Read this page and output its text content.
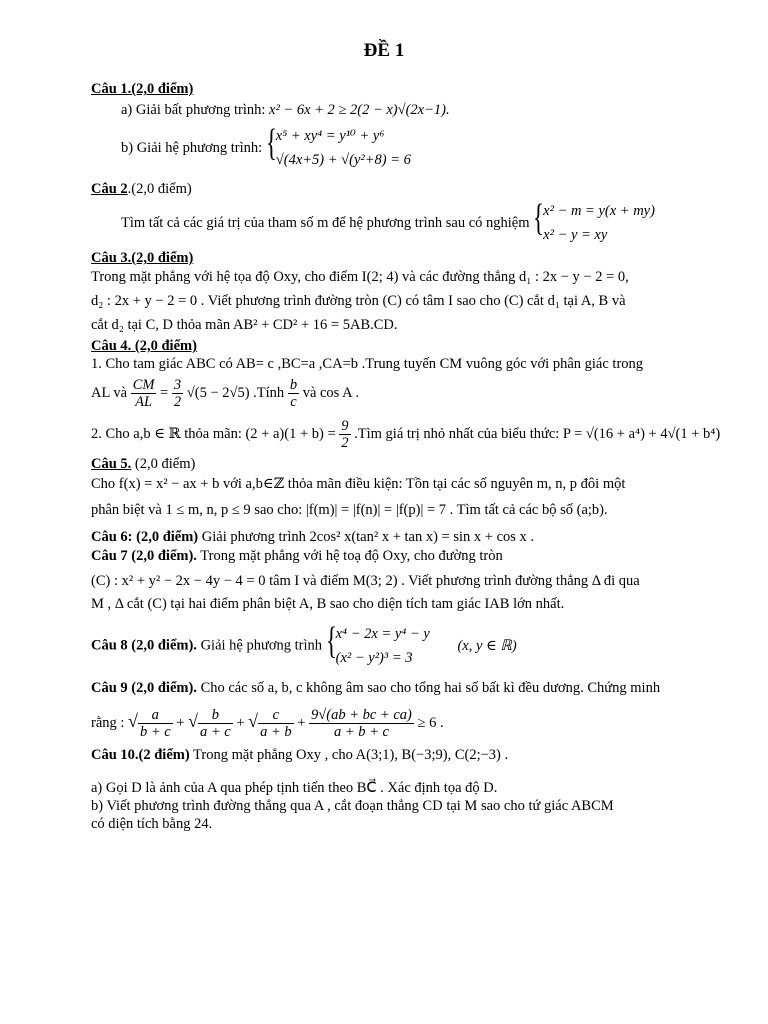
ĐỀ 1
Câu 1.(2,0 điểm)
a) Giải bất phương trình: x² − 6x + 2 ≥ 2(2 − x)√(2x−1).
b) Giải hệ phương trình: { x⁵ + xy⁴ = y¹⁰ + y⁶
√(4x+5) + √(y²+8) = 6
Câu 2.(2,0 điểm)
Tìm tất cả các giá trị của tham số m để hệ phương trình sau có nghiệm { x² − m = y(x + my)
x² − y = xy
Câu 3.(2,0 điểm)
Trong mặt phẳng với hệ tọa độ Oxy, cho điểm I(2; 4) và các đường thẳng d₁ : 2x − y − 2 = 0,
d₂ : 2x + y − 2 = 0 . Viết phương trình đường tròn (C) có tâm I sao cho (C) cắt d₁ tại A, B và
cắt d₂ tại C, D thỏa mãn AB² + CD² + 16 = 5AB.CD.
Câu 4. (2,0 điểm)
1. Cho tam giác ABC có AB= c ,BC=a ,CA=b .Trung tuyến CM vuông góc với phân giác trong
AL và $\frac{CM}{AL} = \frac{3}{2} √(5 - 2√5)$ .Tính $\frac{b}{c}$ và cos A .
2. Cho a,b ∈ ℝ thỏa mãn: $(2 + a)(1 + b) = \frac{9}{2}$ .Tìm giá trị nhỏ nhất của biểu thức: P = √(16 + a⁴) + 4√(1 + b⁴)
Câu 5. (2,0 điểm)
Cho f(x) = x² − ax + b với a,b∈ℤ thỏa mãn điều kiện: Tồn tại các số nguyên m, n, p đôi một
phân biệt và 1 ≤ m, n, p ≤ 9 sao cho: |f(m)| = |f(n)| = |f(p)| = 7 . Tìm tất cả các bộ số (a;b).
Câu 6: (2,0 điểm) Giải phương trình 2cos² x(tan² x + tan x) = sin x + cos x .
Câu 7 (2,0 điểm). Trong mặt phẳng với hệ toạ độ Oxy, cho đường tròn
(C) : x² + y² − 2x − 4y − 4 = 0 tâm I và điểm M(3; 2) . Viết phương trình đường thẳng Δ đi qua
M , Δ cắt (C) tại hai điểm phân biệt A, B sao cho diện tích tam giác IAB lớn nhất.
Câu 8 (2,0 điểm). Giải hệ phương trình { x⁴ − 2x = y⁴ − y
(x² − y²)³ = 3
(x, y ∈ ℝ)
Câu 9 (2,0 điểm). Cho các số a, b, c không âm sao cho tổng hai số bất kì đều dương. Chứng minh
rằng : √ $\frac{a}{b + c}$ + √ $\frac{b}{a + c}$ + √ $\frac{c}{a + b} + \frac{9√(ab + bc + ca)}{a + b + c} \ge 6$ .
Câu 10.(2 điểm) Trong mặt phẳng Oxy , cho A(3;1), B(−3;9), C(2;−3) .
a) Gọi D là ảnh của A qua phép tịnh tiến theo BC⃗ . Xác định tọa độ D.
b) Viết phương trình đường thẳng qua A , cắt đoạn thẳng CD tại M sao cho tứ giác ABCM
có diện tích bằng 24.
